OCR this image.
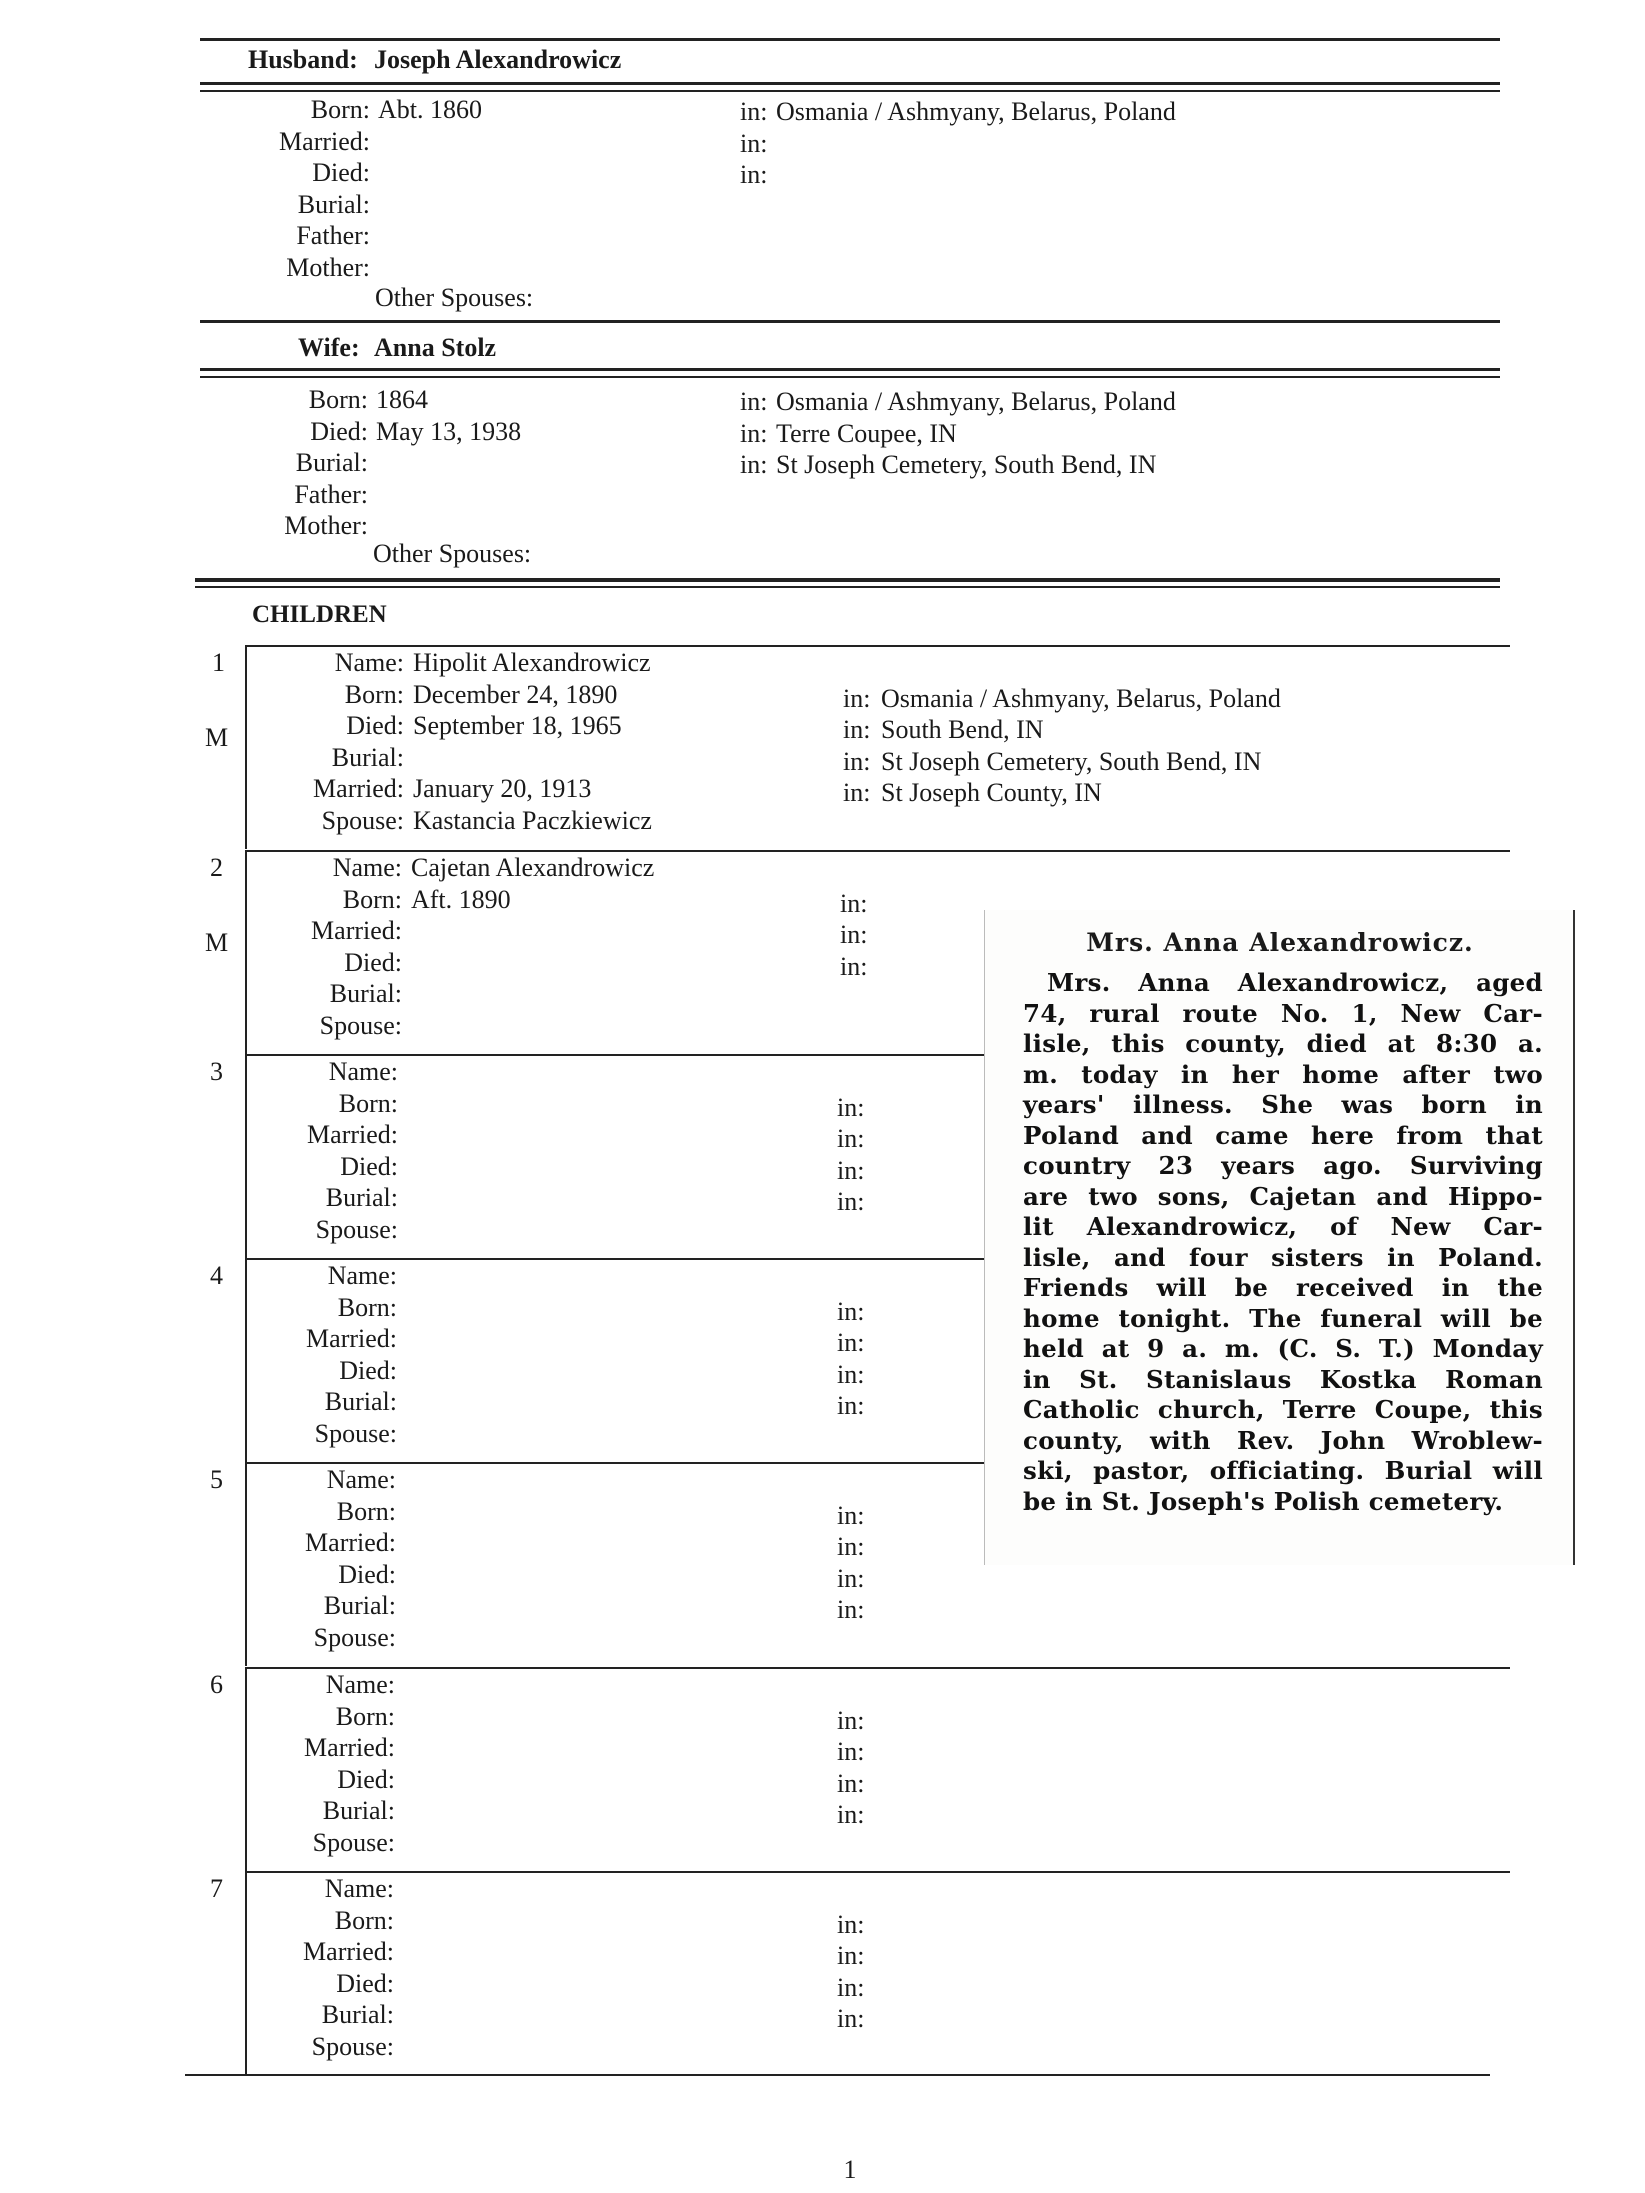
Husband: Joseph Alexandrowicz
Born: Abt. 1860	in: Osmania / Ashmyany, Belarus, Poland
Married:	in:
Died:	in:
Burial:
Father:
Mother:
Other Spouses:
Wife: Anna Stolz
Born: 1864	in: Osmania / Ashmyany, Belarus, Poland
Died: May 13, 1938	in: Terre Coupee, IN
Burial:	in: St Joseph Cemetery, South Bend, IN
Father:
Mother:
Other Spouses:
CHILDREN
1
M
Name: Hipolit Alexandrowicz
Born: December 24, 1890	in: Osmania / Ashmyany, Belarus, Poland
Died: September 18, 1965	in: South Bend, IN
Burial:	in: St Joseph Cemetery, South Bend, IN
Married: January 20, 1913	in: St Joseph County, IN
Spouse: Kastancia Paczkiewicz
2
M
Name: Cajetan Alexandrowicz
Born: Aft. 1890	in:
Married:	in:
Died:	in:
Burial:
Spouse:
3	Name:
Born:	in:
Married:	in:
Died:	in:
Burial:	in:
Spouse:
4	Name:
Born:	in:
Married:	in:
Died:	in:
Burial:	in:
Spouse:
5	Name:
Born:	in:
Married:	in:
Died:	in:
Burial:	in:
Spouse:
6	Name:
Born:	in:
Married:	in:
Died:	in:
Burial:	in:
Spouse:
7	Name:
Born:	in:
Married:	in:
Died:	in:
Burial:	in:
Spouse:
Mrs. Anna Alexandrowicz.
Mrs. Anna Alexandrowicz, aged
74, rural route No. 1, New Car-
lisle, this county, died at 8:30 a.
m. today in her home after two
years' illness. She was born in
Poland and came here from that
country 23 years ago. Surviving
are two sons, Cajetan and Hippo-
lit Alexandrowicz, of New Car-
lisle, and four sisters in Poland.
Friends will be received in the
home tonight. The funeral will be
held at 9 a. m. (C. S. T.) Monday
in St. Stanislaus Kostka Roman
Catholic church, Terre Coupe, this
county, with Rev. John Wroblew-
ski, pastor, officiating. Burial will
be in St. Joseph's Polish cemetery.
1
